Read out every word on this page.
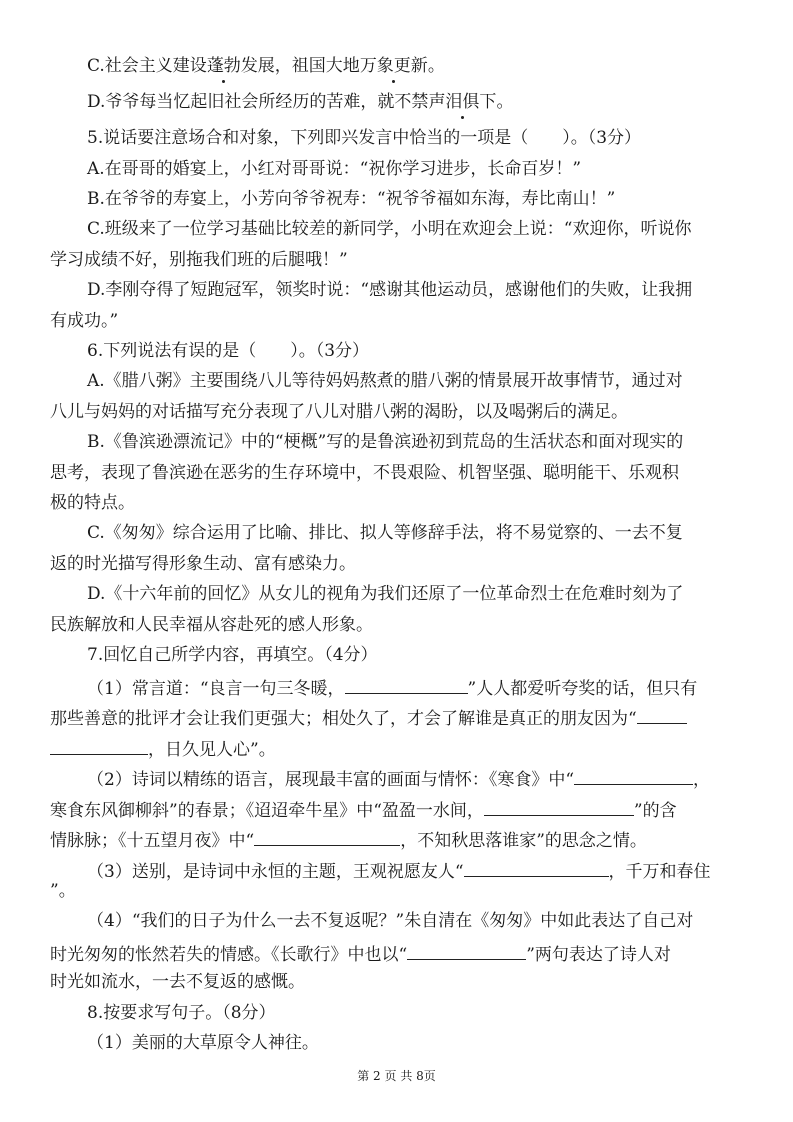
C.社会主义建设蓬勃发展，祖国大地万象更新。
D.爷爷每当忆起旧社会所经历的苦难，就不禁声泪俱下。
5.说话要注意场合和对象，下列即兴发言中恰当的一项是（　　）。（3分）
A.在哥哥的婚宴上，小红对哥哥说：“祝你学习进步，长命百岁！”
B.在爷爷的寿宴上，小芳向爷爷祝寿：“祝爷爷福如东海，寿比南山！”
C.班级来了一位学习基础比较差的新同学，小明在欢迎会上说：“欢迎你，听说你
学习成绩不好，别拖我们班的后腿哦！”
D.李刚夺得了短跑冠军，领奖时说：“感谢其他运动员，感谢他们的失败，让我拥
有成功。”
6.下列说法有误的是（　　）。（3分）
A.《腊八粥》主要围绕八儿等待妈妈熬煮的腊八粥的情景展开故事情节，通过对
八儿与妈妈的对话描写充分表现了八儿对腊八粥的渴盼，以及喝粥后的满足。
B.《鲁滨逊漂流记》中的“梗概”写的是鲁滨逊初到荒岛的生活状态和面对现实的
思考，表现了鲁滨逊在恶劣的生存环境中，不畏艰险、机智坚强、聪明能干、乐观积
极的特点。
C.《匆匆》综合运用了比喻、排比、拟人等修辞手法，将不易觉察的、一去不复
返的时光描写得形象生动、富有感染力。
D.《十六年前的回忆》从女儿的视角为我们还原了一位革命烈士在危难时刻为了
民族解放和人民幸福从容赴死的感人形象。
7.回忆自己所学内容，再填空。（4分）
（1）常言道：“良言一句三冬暖，	”人人都爱听夸奖的话，但只有
那些善意的批评才会让我们更强大；相处久了，才会了解谁是真正的朋友因为“
，日久见人心”。
（2）诗词以精练的语言，展现最丰富的画面与情怀：《寒食》中“	，
寒食东风御柳斜”的春景；《迢迢牵牛星》中“盈盈一水间，	”的含
情脉脉；《十五望月夜》中“	，不知秋思落谁家”的思念之情。
（3）送别，是诗词中永恒的主题，王观祝愿友人“	，千万和春住
”。
（4）“我们的日子为什么一去不复返呢？”朱自清在《匆匆》中如此表达了自己对
时光匆匆的怅然若失的情感。《长歌行》中也以“	”两句表达了诗人对
时光如流水，一去不复返的感慨。
8.按要求写句子。（8分）
（1）美丽的大草原令人神往。
第 2 页 共 8页
